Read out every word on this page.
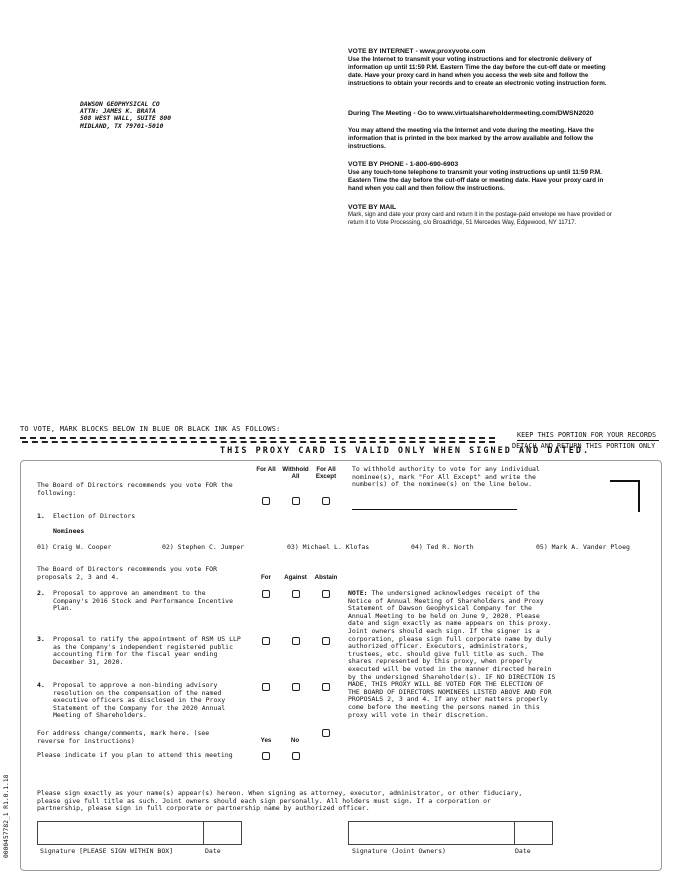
DAWSON GEOPHYSICAL CO
ATTN: JAMES K. BRATA
508 WEST WALL, SUITE 800
MIDLAND, TX 79701-5010
VOTE BY INTERNET - www.proxyvote.com
Use the Internet to transmit your voting instructions and for electronic delivery of information up until 11:59 P.M. Eastern Time the day before the cut-off date or meeting date. Have your proxy card in hand when you access the web site and follow the instructions to obtain your records and to create an electronic voting instruction form.
During The Meeting - Go to www.virtualshareholdermeeting.com/DWSN2020
You may attend the meeting via the Internet and vote during the meeting. Have the information that is printed in the box marked by the arrow available and follow the instructions.
VOTE BY PHONE - 1-800-690-6903
Use any touch-tone telephone to transmit your voting instructions up until 11:59 P.M. Eastern Time the day before the cut-off date or meeting date. Have your proxy card in hand when you call and then follow the instructions.
VOTE BY MAIL
Mark, sign and date your proxy card and return it in the postage-paid envelope we have provided or return it to Vote Processing, c/o Broadridge, 51 Mercedes Way, Edgewood, NY 11717.
TO VOTE, MARK BLOCKS BELOW IN BLUE OR BLACK INK AS FOLLOWS:
KEEP THIS PORTION FOR YOUR RECORDS
DETACH AND RETURN THIS PORTION ONLY
THIS PROXY CARD IS VALID ONLY WHEN SIGNED AND DATED.
The Board of Directors recommends you vote FOR the following:
For All	Withhold All
For All Except
To withhold authority to vote for any individual nominee(s), mark "For All Except" and write the number(s) of the nominee(s) on the line below.
1. Election of Directors
Nominees
01) Craig W. Cooper	02) Stephen C. Jumper	03) Michael L. Klofas	04) Ted R. North	05) Mark A. Vander Ploeg
The Board of Directors recommends you vote FOR proposals 2, 3 and 4.	For	Against	Abstain
2. Proposal to approve an amendment to the Company's 2016 Stock and Performance Incentive Plan.
3. Proposal to ratify the appointment of RSM US LLP as the Company's independent registered public accounting firm for the fiscal year ending December 31, 2020.
4. Proposal to approve a non-binding advisory resolution on the compensation of the named executive officers as disclosed in the Proxy Statement of the Company for the 2020 Annual Meeting of Shareholders.
NOTE: The undersigned acknowledges receipt of the Notice of Annual Meeting of Shareholders and Proxy Statement of Dawson Geophysical Company for the Annual Meeting to be held on June 9, 2020. Please date and sign exactly as name appears on this proxy. Joint owners should each sign. If the signer is a corporation, please sign full corporate name by duly authorized officer. Executors, administrators, trustees, etc. should give full title as such. The shares represented by this proxy, when properly executed will be voted in the manner directed herein by the undersigned Shareholder(s). IF NO DIRECTION IS MADE, THIS PROXY WILL BE VOTED FOR THE ELECTION OF THE BOARD OF DIRECTORS NOMINEES LISTED ABOVE AND FOR PROPOSALS 2, 3 and 4. If any other matters properly come before the meeting the persons named in this proxy will vote in their discretion.
For address change/comments, mark here. (see reverse for instructions)	Yes	No
Please indicate if you plan to attend this meeting
Please sign exactly as your name(s) appear(s) hereon. When signing as attorney, executor, administrator, or other fiduciary, please give full title as such. Joint owners should each sign personally. All holders must sign. If a corporation or partnership, please sign in full corporate or partnership name by authorized officer.
Signature [PLEASE SIGN WITHIN BOX]	Date	Signature (Joint Owners)	Date
0000457782_1 R1.0.1.18
